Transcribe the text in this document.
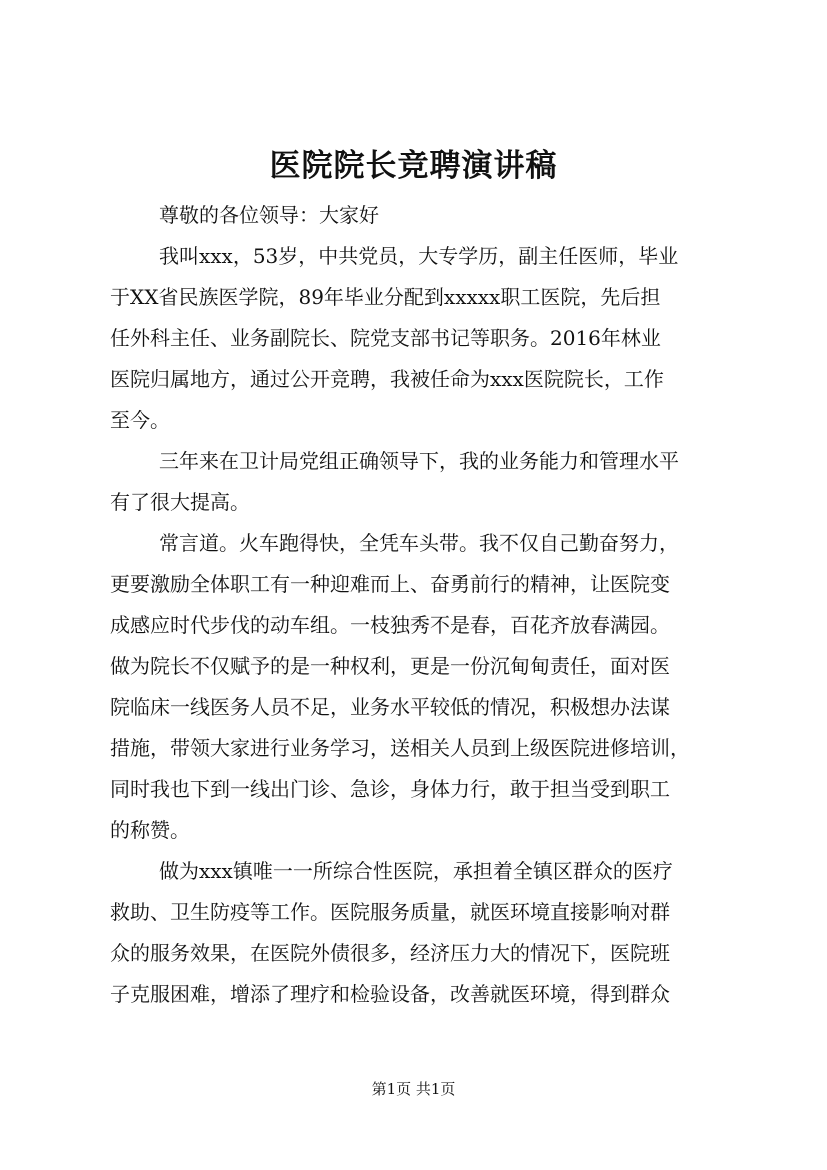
医院院长竞聘演讲稿
尊敬的各位领导：大家好
我叫xxx，53岁，中共党员，大专学历，副主任医师，毕业
于XX省民族医学院，89年毕业分配到xxxxx职工医院，先后担
任外科主任、业务副院长、院党支部书记等职务。2016年林业
医院归属地方，通过公开竞聘，我被任命为xxx医院院长，工作
至今。
三年来在卫计局党组正确领导下，我的业务能力和管理水平
有了很大提高。
常言道。火车跑得快，全凭车头带。我不仅自己勤奋努力，
更要激励全体职工有一种迎难而上、奋勇前行的精神，让医院变
成感应时代步伐的动车组。一枝独秀不是春，百花齐放春满园。
做为院长不仅赋予的是一种权利，更是一份沉甸甸责任，面对医
院临床一线医务人员不足，业务水平较低的情况，积极想办法谋
措施，带领大家进行业务学习，送相关人员到上级医院进修培训，
同时我也下到一线出门诊、急诊，身体力行，敢于担当受到职工
的称赞。
做为xxx镇唯一一所综合性医院，承担着全镇区群众的医疗
救助、卫生防疫等工作。医院服务质量，就医环境直接影响对群
众的服务效果，在医院外债很多，经济压力大的情况下，医院班
子克服困难，增添了理疗和检验设备，改善就医环境，得到群众
第1页 共1页
